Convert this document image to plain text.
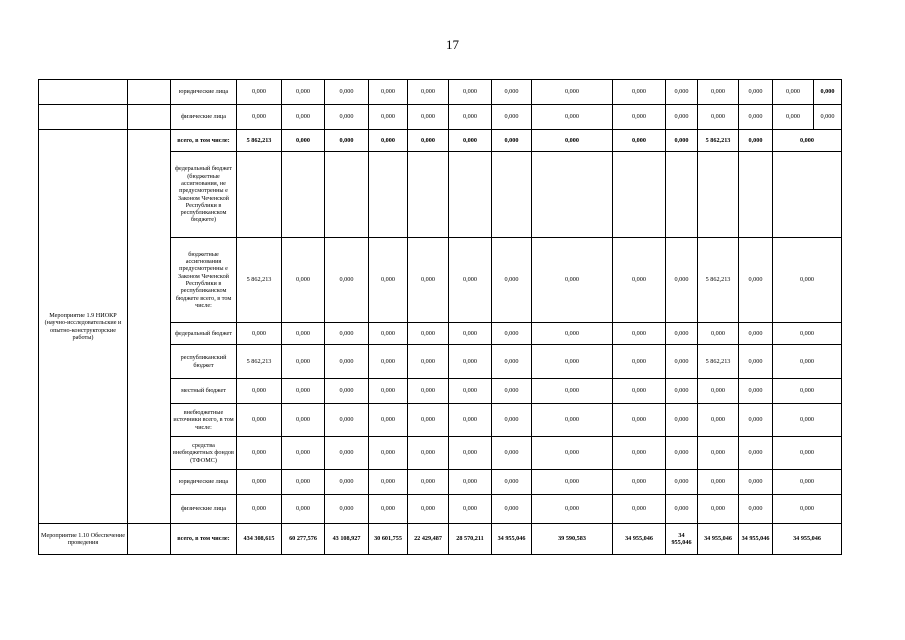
17
		юридические лица	0,000	0,000	0,000	0,000	0,000	0,000	0,000	0,000	0,000	0,000	0,000	0,000	0,000	0,000
		физические лица	0,000	0,000	0,000	0,000	0,000	0,000	0,000	0,000	0,000	0,000	0,000	0,000	0,000	0,000
Мероприятие 1.9 НИОКР (научно-исследовательские и опытно-конструкторские работы)		всего, в том числе:	5 862,213	0,000	0,000	0,000	0,000	0,000	0,000	0,000	0,000	0,000	5 862,213	0,000	0,000	
		федеральный бюджет (бюджетные ассигнования, не предусмотренны е Законом Чеченской Республики в республиканском бюджете)														
		бюджетные ассигнования предусмотренны е Законом Чеченской Республики в республиканском бюджете всего, в том числе:	5 862,213	0,000	0,000	0,000	0,000	0,000	0,000	0,000	0,000	0,000	5 862,213	0,000	0,000	
		федеральный бюджет	0,000	0,000	0,000	0,000	0,000	0,000	0,000	0,000	0,000	0,000	0,000	0,000	0,000	
		республиканский бюджет	5 862,213	0,000	0,000	0,000	0,000	0,000	0,000	0,000	0,000	0,000	5 862,213	0,000	0,000	
		местный бюджет	0,000	0,000	0,000	0,000	0,000	0,000	0,000	0,000	0,000	0,000	0,000	0,000	0,000	
		внебюджетные источники всего, в том числе:	0,000	0,000	0,000	0,000	0,000	0,000	0,000	0,000	0,000	0,000	0,000	0,000	0,000	
		средства внебюджетных фондов (ТФОМС)	0,000	0,000	0,000	0,000	0,000	0,000	0,000	0,000	0,000	0,000	0,000	0,000	0,000	
		юридические лица	0,000	0,000	0,000	0,000	0,000	0,000	0,000	0,000	0,000	0,000	0,000	0,000	0,000	
		физические лица	0,000	0,000	0,000	0,000	0,000	0,000	0,000	0,000	0,000	0,000	0,000	0,000	0,000	
Мероприятие 1.10 Обеспечение проведения		всего, в том числе:	434 308,615	60 277,576	43 108,927	30 601,755	22 429,487	28 570,211	34 955,046	39 590,583	34 955,046	34 955,046	34 955,046	34 955,046	34 955,046	
